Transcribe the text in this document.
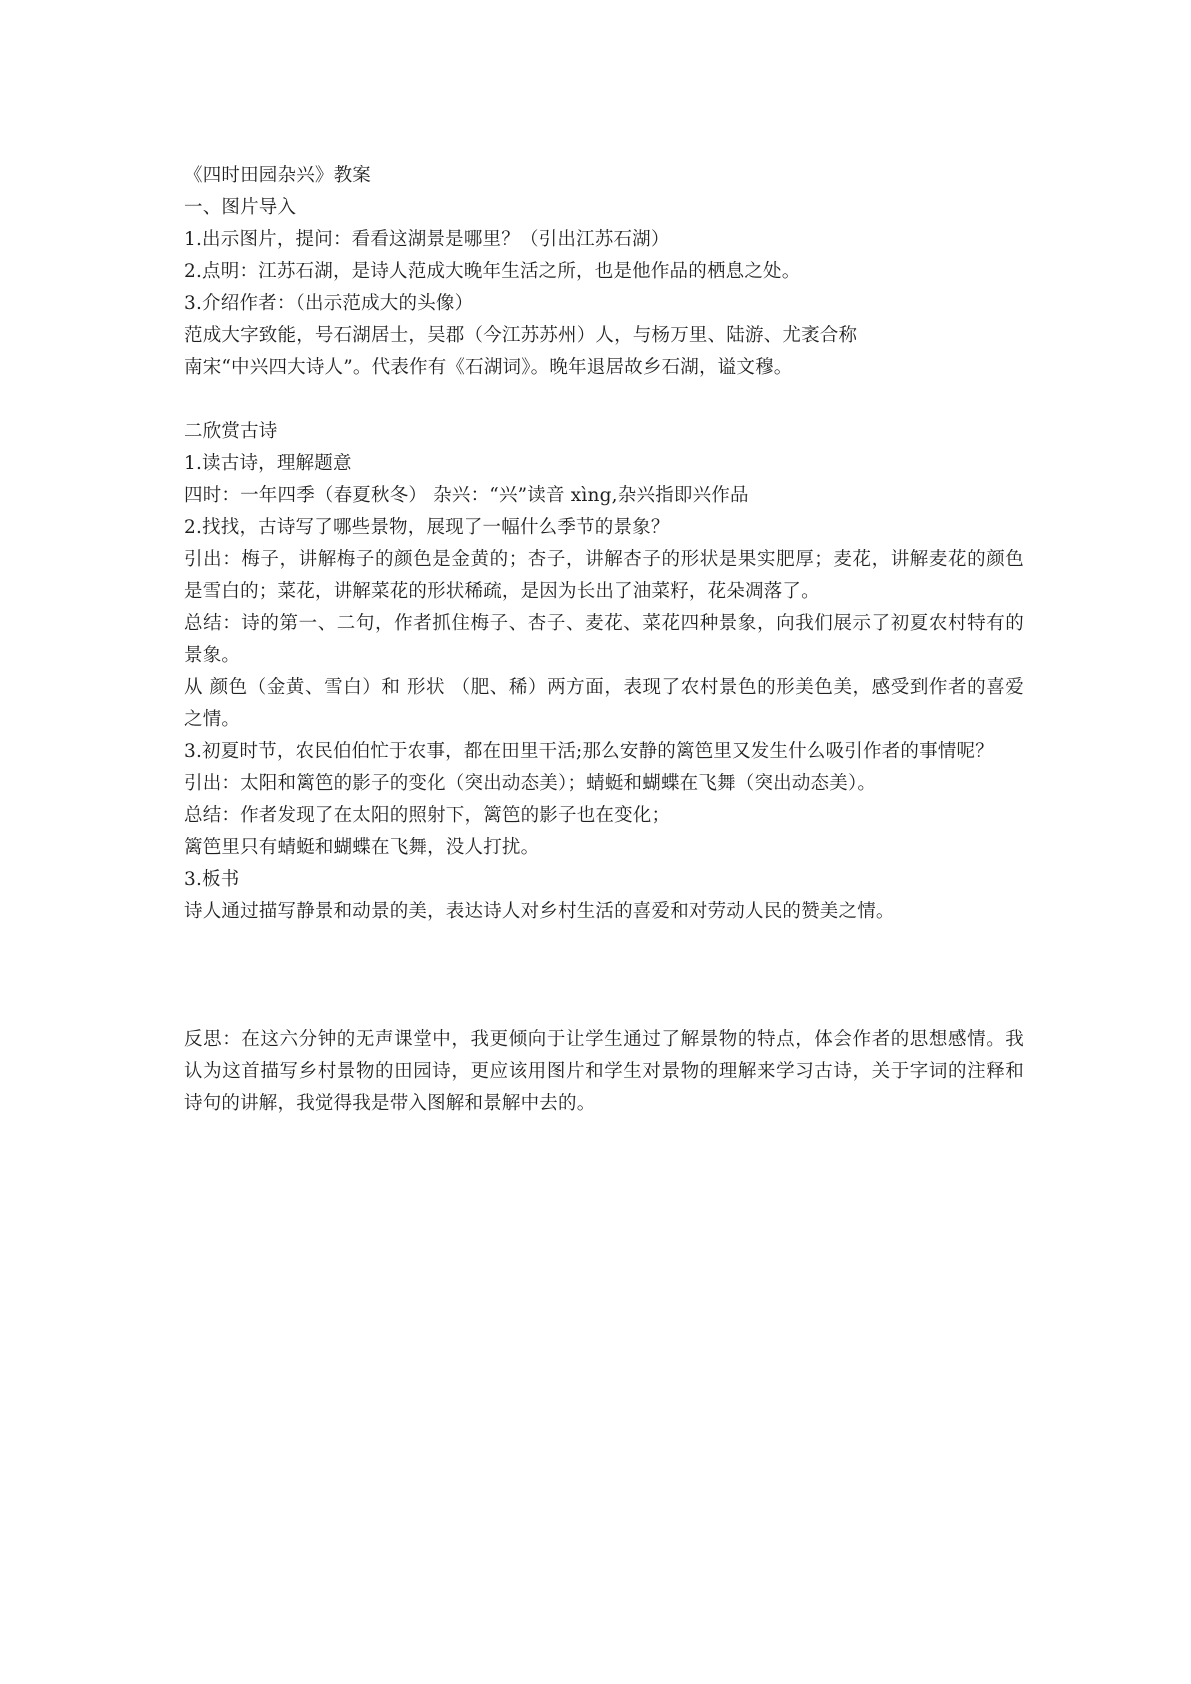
《四时田园杂兴》教案
一、图片导入
1.出示图片，提问：看看这湖景是哪里？（引出江苏石湖）
2.点明：江苏石湖，是诗人范成大晚年生活之所，也是他作品的栖息之处。
3.介绍作者：（出示范成大的头像）
范成大字致能，号石湖居士，吴郡（今江苏苏州）人，与杨万里、陆游、尤袤合称
南宋“中兴四大诗人”。代表作有《石湖词》。晚年退居故乡石湖，谥文穆。
二欣赏古诗
1.读古诗，理解题意
四时：一年四季（春夏秋冬） 杂兴：“兴”读音 xìng,杂兴指即兴作品
2.找找，古诗写了哪些景物，展现了一幅什么季节的景象？
引出：梅子，讲解梅子的颜色是金黄的；杏子，讲解杏子的形状是果实肥厚；麦花，讲解麦花的颜色是雪白的；菜花，讲解菜花的形状稀疏，是因为长出了油菜籽，花朵凋落了。
总结：诗的第一、二句，作者抓住梅子、杏子、麦花、菜花四种景象，向我们展示了初夏农村特有的景象。
从 颜色（金黄、雪白）和 形状 （肥、稀）两方面，表现了农村景色的形美色美，感受到作者的喜爱之情。
3.初夏时节，农民伯伯忙于农事，都在田里干活;那么安静的篱笆里又发生什么吸引作者的事情呢？
引出：太阳和篱笆的影子的变化（突出动态美）；蜻蜓和蝴蝶在飞舞（突出动态美）。
总结：作者发现了在太阳的照射下，篱笆的影子也在变化；
篱笆里只有蜻蜓和蝴蝶在飞舞，没人打扰。
3.板书
诗人通过描写静景和动景的美，表达诗人对乡村生活的喜爱和对劳动人民的赞美之情。
反思：在这六分钟的无声课堂中，我更倾向于让学生通过了解景物的特点，体会作者的思想感情。我认为这首描写乡村景物的田园诗，更应该用图片和学生对景物的理解来学习古诗，关于字词的注释和诗句的讲解，我觉得我是带入图解和景解中去的。
